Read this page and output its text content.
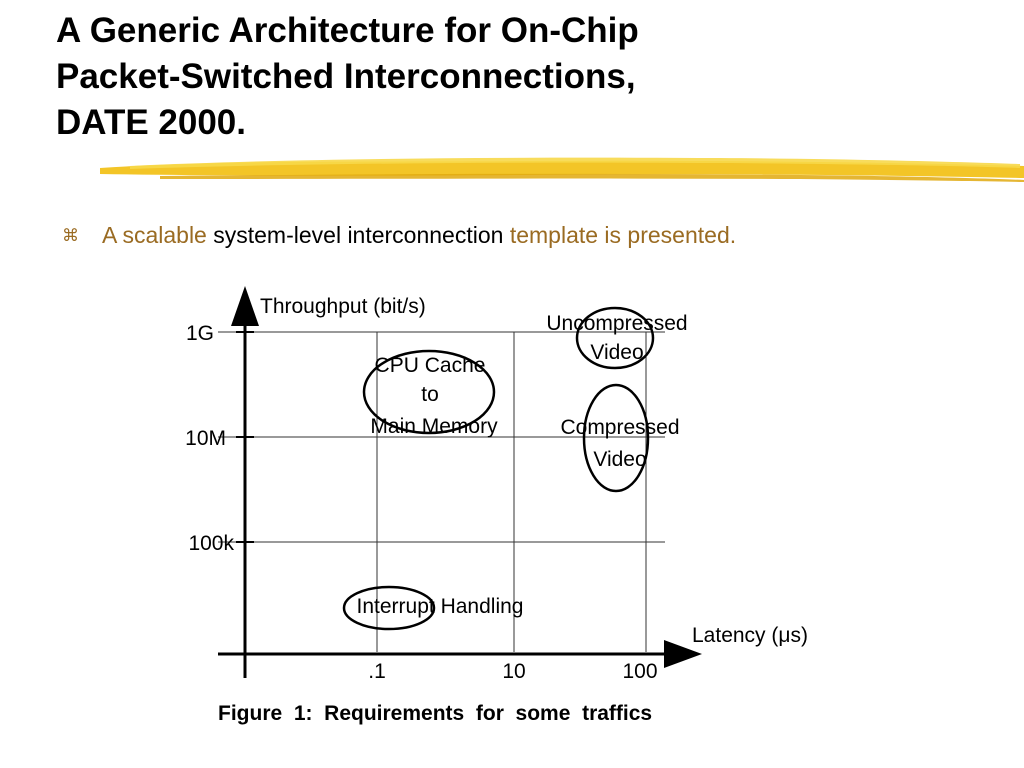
A Generic Architecture for On-Chip
Packet-Switched Interconnections,
DATE 2000.
⌘ A scalable system-level interconnection template is presented.
Throughput (bit/s)
Latency (μs)
1G
10M
100k
.1	10	100
Uncompressed
Video
CPU Cache
to
Main Memory	Compressed
Video
Interrupt Handling
Figure  1:  Requirements  for  some  traffics
